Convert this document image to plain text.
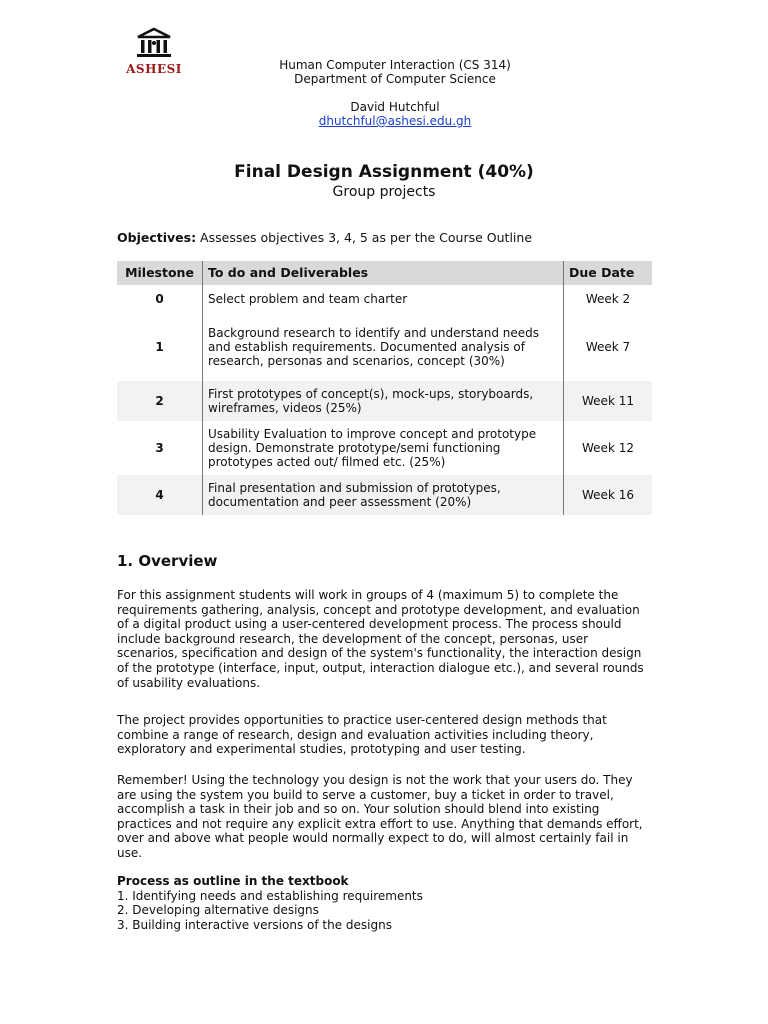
ASHESI	Human Computer Interaction (CS 314)
Department of Computer Science
David Hutchful
dhutchful@ashesi.edu.gh
Final Design Assignment (40%)
Group projects
Objectives: Assesses objectives 3, 4, 5 as per the Course Outline
Milestone	To do and Deliverables	Due Date
0	Select problem and team charter	Week 2
1	Background research to identify and understand needs and establish requirements. Documented analysis of research, personas and scenarios, concept (30%)	Week 7
2	First prototypes of concept(s), mock-ups, storyboards, wireframes, videos (25%)	Week 11
3	Usability Evaluation to improve concept and prototype design. Demonstrate prototype/semi functioning prototypes acted out/ filmed etc. (25%)	Week 12
4	Final presentation and submission of prototypes, documentation and peer assessment (20%)	Week 16
1. Overview

For this assignment students will work in groups of 4 (maximum 5) to complete the requirements gathering, analysis, concept and prototype development, and evaluation of a digital product using a user-centered development process. The process should include background research, the development of the concept, personas, user scenarios, specification and design of the system's functionality, the interaction design of the prototype (interface, input, output, interaction dialogue etc.), and several rounds of usability evaluations.

The project provides opportunities to practice user-centered design methods that combine a range of research, design and evaluation activities including theory, exploratory and experimental studies, prototyping and user testing.

Remember! Using the technology you design is not the work that your users do. They are using the system you build to serve a customer, buy a ticket in order to travel, accomplish a task in their job and so on. Your solution should blend into existing practices and not require any explicit extra effort to use. Anything that demands effort, over and above what people would normally expect to do, will almost certainly fail in use.

Process as outline in the textbook
1. Identifying needs and establishing requirements
2. Developing alternative designs
3. Building interactive versions of the designs
